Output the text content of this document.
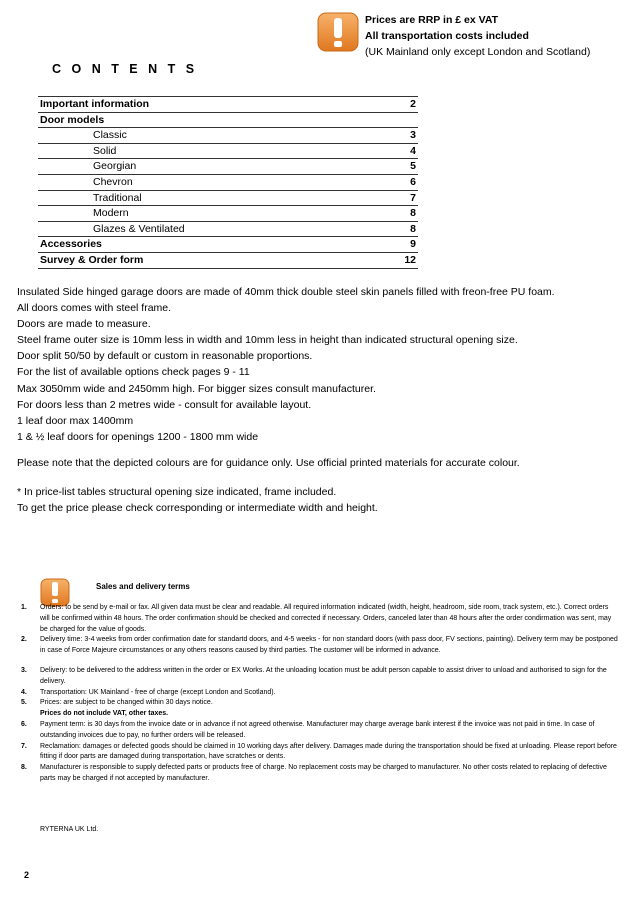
Prices are RRP in £ ex VAT
All transportation costs included
(UK Mainland only except London and Scotland)
C O N T E N T S
Important information	2
Door models	
Classic	3
Solid	4
Georgian	5
Chevron	6
Traditional	7
Modern	8
Glazes & Ventilated	8
Accessories	9
Survey & Order form	12

Insulated Side hinged garage doors are made of 40mm thick double steel skin panels filled with freon-free PU foam.

All doors comes with steel frame.

Doors are made to measure.

Steel frame outer size is 10mm less in width and 10mm less in height than indicated structural opening size.

Door split 50/50 by default or custom in reasonable proportions.

For the list of available options check pages 9 - 11

Max 3050mm wide and 2450mm high. For bigger sizes consult manufacturer.

For doors less than 2 metres wide - consult for available layout.

1 leaf door max 1400mm

1 & ½ leaf doors for openings 1200 - 1800 mm wide

Please note that the depicted colours are for guidance only. Use official printed materials for accurate colour.
* In price-list tables structural opening size indicated, frame included.
To get the price please check corresponding or intermediate width and height.
Sales and delivery terms
1. Orders: to be send by e-mail or fax. All given data must be clear and readable. All required information indicated (width, height, headroom, side room, track system, etc.). Correct orders will be confirmed within 48 hours. The order confirmation should be checked and corrected if necessary. Orders, canceled later than 48 hours after the order condirmation was sent, may be charged for the value of goods.
2. Delivery time: 3-4 weeks from order confirmation date for standartd doors, and 4-5 weeks - for non standard doors (with pass door, FV sections, painting). Delivery term may be postponed in case of Force Majeure circumstances or any others reasons caused by third parties. The customer will be informed in advance.
3. Delivery: to be delivered to the address written in the order or EX Works. At the unloading location must be adult person capable to assist driver to unload and authorised to sign for the delivery.
4. Transportation: UK Mainland - free of charge (except London and Scotland).
5. Prices: are subject to be changed within 30 days notice.
Prices do not include VAT, other taxes.
6. Payment term: is 30 days from the invoice date or in advance if not agreed otherwise. Manufacturer may charge average bank interest if the invoice was not paid in time. In case of outstanding invoices due to pay, no further orders will be released.
7. Reclamation: damages or defected goods should be claimed in 10 working days after delivery. Damages made during the transportation should be fixed at unloading. Please report before fitting if door parts are damaged during transportation, have scratches or dents.
8. Manufacturer is responsible to supply defected parts or products free of charge. No replacement costs may be charged to manufacturer. No other costs related to replacing of defective parts may be charged if not accepted by manufacturer.
RYTERNA UK Ltd.
2
